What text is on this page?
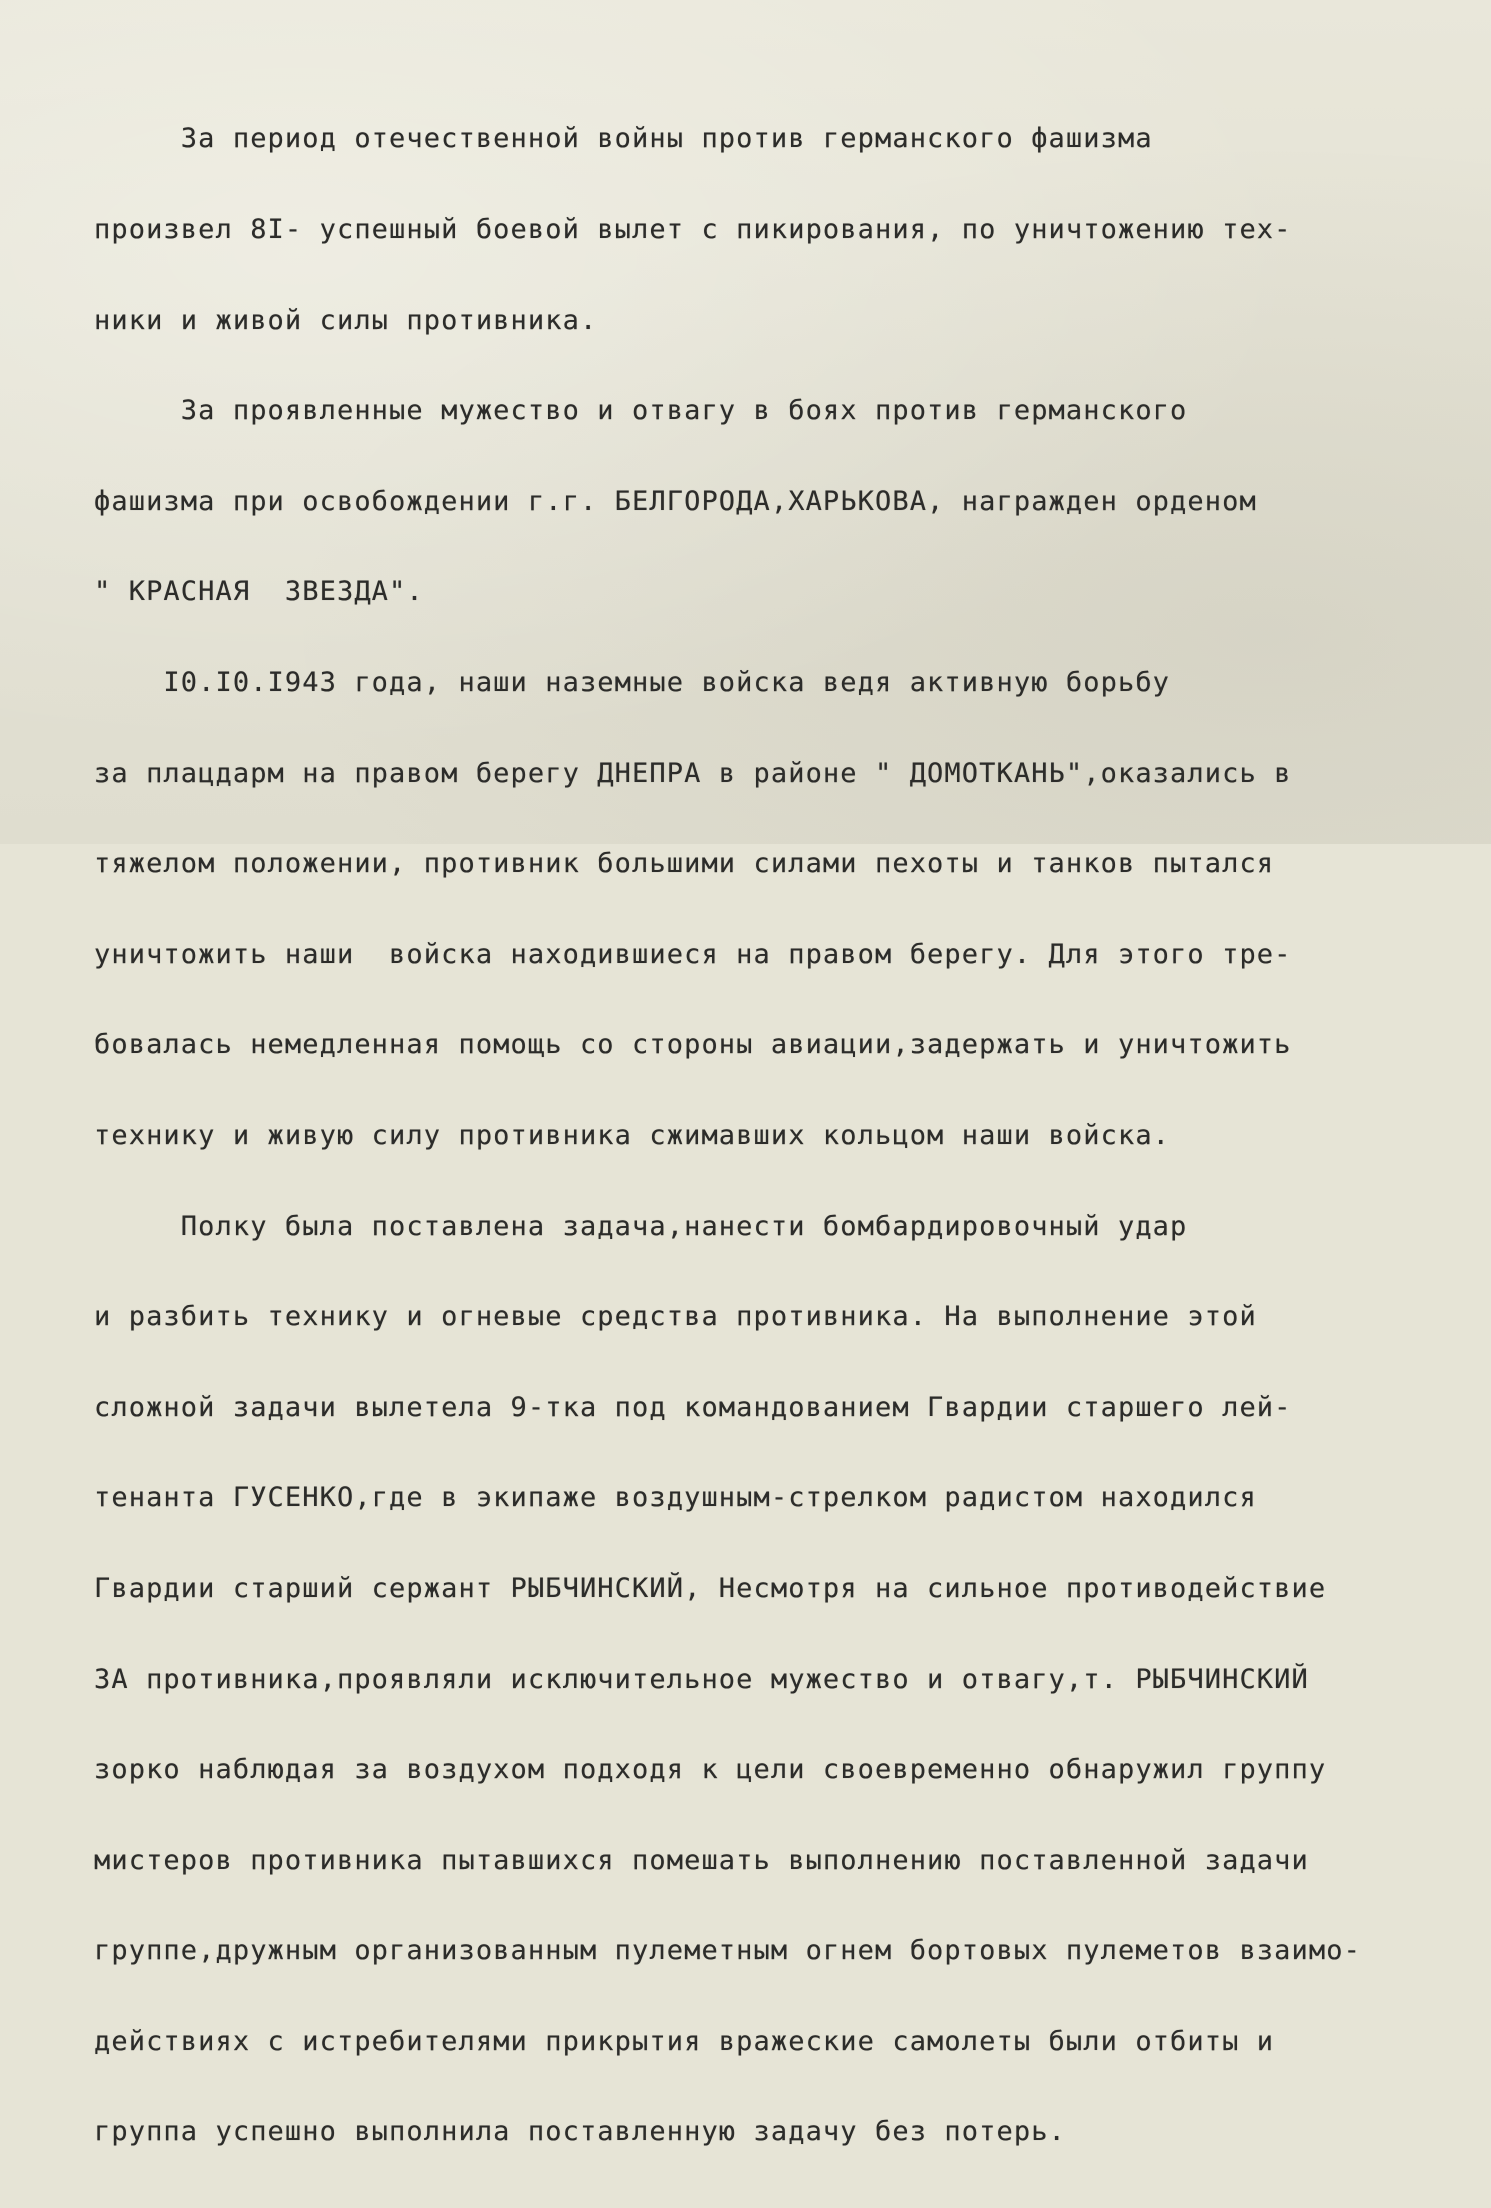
За период отечественной войны против германского фашизма

произвел 8I- успешный боевой вылет с пикирования, по уничтожению тех-

ники и живой силы противника.

За проявленные мужество и отвагу в боях против германского

фашизма при освобождении г.г. БЕЛГОРОДА,ХАРЬКОВА, награжден орденом

" КРАСНАЯ  ЗВЕЗДА".

I0.I0.I943 года, наши наземные войска ведя активную борьбу

за плацдарм на правом берегу ДНЕПРА в районе " ДОМОТКАНЬ",оказались в

тяжелом положении, противник большими силами пехоты и танков пытался

уничтожить наши  войска находившиеся на правом берегу. Для этого тре-

бовалась немедленная помощь со стороны авиации,задержать и уничтожить

технику и живую силу противника сжимавших кольцом наши войска.

Полку была поставлена задача,нанести бомбардировочный удар

и разбить технику и огневые средства противника. На выполнение этой

сложной задачи вылетела 9-тка под командованием Гвардии старшего лей-

тенанта ГУСЕНКО,где в экипаже воздушным-стрелком радистом находился

Гвардии старший сержант РЫБЧИНСКИЙ, Несмотря на сильное противодействие

ЗА противника,проявляли исключительное мужество и отвагу,т. РЫБЧИНСКИЙ

зорко наблюдая за воздухом подходя к цели своевременно обнаружил группу

мистеров противника пытавшихся помешать выполнению поставленной задачи

группе,дружным организованным пулеметным огнем бортовых пулеметов взаимо-

действиях с истребителями прикрытия вражеские самолеты были отбиты и

группа успешно выполнила поставленную задачу без потерь.
